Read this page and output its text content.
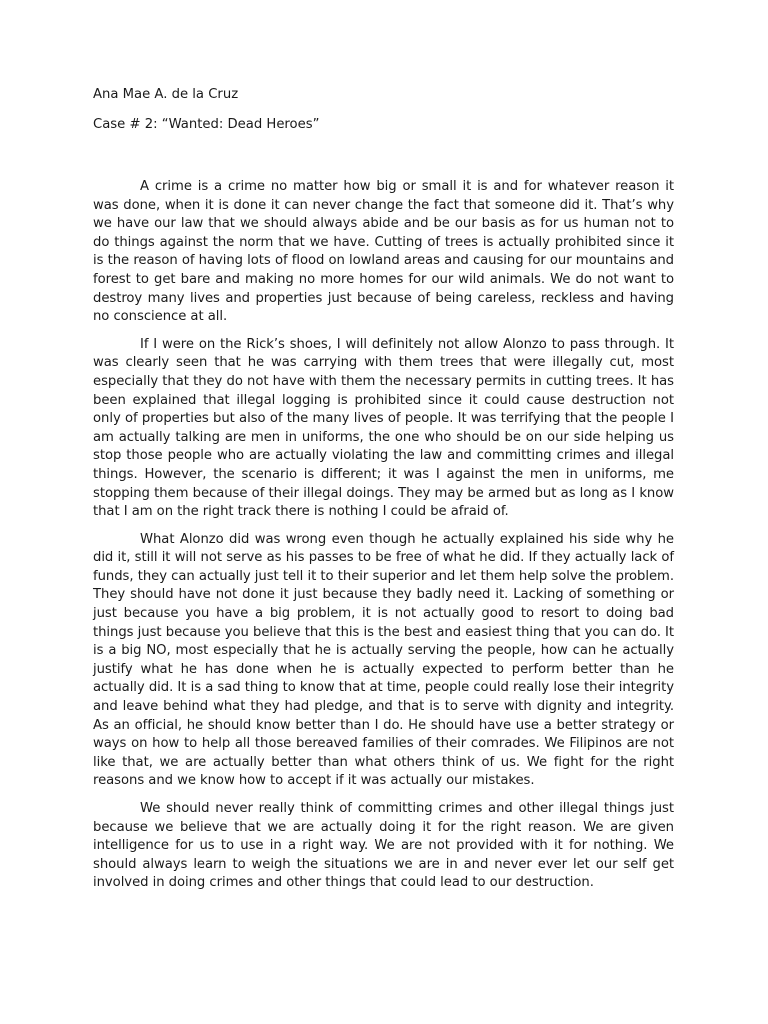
Ana Mae A. de la Cruz
Case # 2: “Wanted: Dead Heroes”

A crime is a crime no matter how big or small it is and for whatever reason it was done, when it is done it can never change the fact that someone did it. That’s why we have our law that we should always abide and be our basis as for us human not to do things against the norm that we have. Cutting of trees is actually prohibited since it is the reason of having lots of flood on lowland areas and causing for our mountains and forest to get bare and making no more homes for our wild animals. We do not want to destroy many lives and properties just because of being careless, reckless and having no conscience at all.

If I were on the Rick’s shoes, I will definitely not allow Alonzo to pass through. It was clearly seen that he was carrying with them trees that were illegally cut, most especially that they do not have with them the necessary permits in cutting trees. It has been explained that illegal logging is prohibited since it could cause destruction not only of properties but also of the many lives of people. It was terrifying that the people I am actually talking are men in uniforms, the one who should be on our side helping us stop those people who are actually violating the law and committing crimes and illegal things. However, the scenario is different; it was I against the men in uniforms, me stopping them because of their illegal doings. They may be armed but as long as I know that I am on the right track there is nothing I could be afraid of.

What Alonzo did was wrong even though he actually explained his side why he did it, still it will not serve as his passes to be free of what he did. If they actually lack of funds, they can actually just tell it to their superior and let them help solve the problem. They should have not done it just because they badly need it. Lacking of something or just because you have a big problem, it is not actually good to resort to doing bad things just because you believe that this is the best and easiest thing that you can do. It is a big NO, most especially that he is actually serving the people, how can he actually justify what he has done when he is actually expected to perform better than he actually did. It is a sad thing to know that at time, people could really lose their integrity and leave behind what they had pledge, and that is to serve with dignity and integrity. As an official, he should know better than I do. He should have use a better strategy or ways on how to help all those bereaved families of their comrades. We Filipinos are not like that, we are actually better than what others think of us. We fight for the right reasons and we know how to accept if it was actually our mistakes.

We should never really think of committing crimes and other illegal things just because we believe that we are actually doing it for the right reason. We are given intelligence for us to use in a right way. We are not provided with it for nothing. We should always learn to weigh the situations we are in and never ever let our self get involved in doing crimes and other things that could lead to our destruction.
